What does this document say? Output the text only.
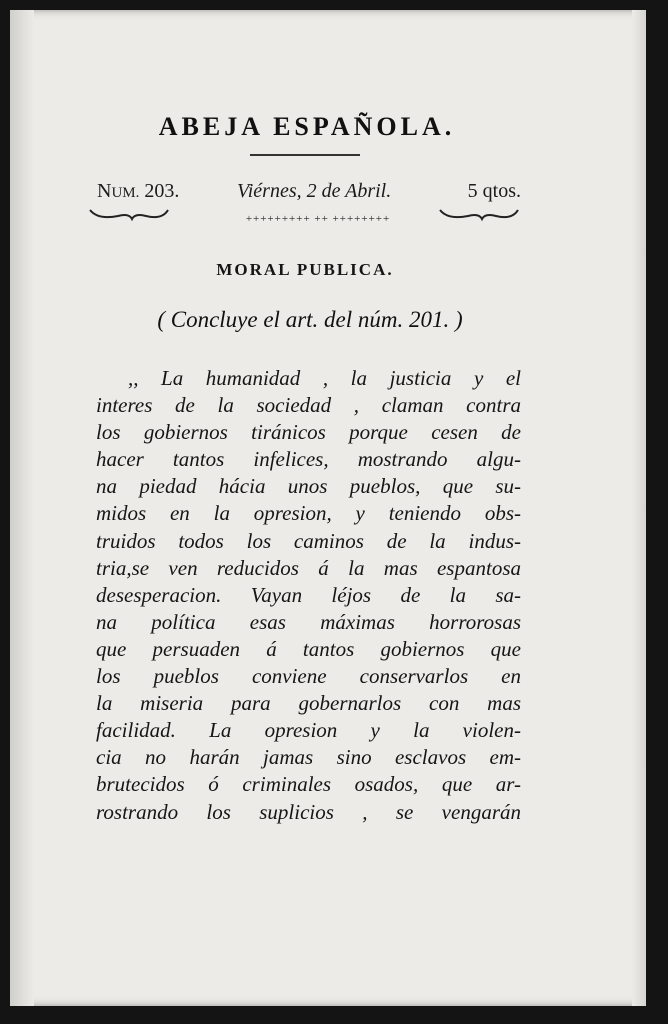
ABEJA ESPAÑOLA.
NUM. 203.	Viérnes, 2 de Abril.	5 qtos.
+++++++++ ++ ++++++++
MORAL PUBLICA.
( Concluye el art. del núm. 201. )
,, La humanidad , la justicia y el
interes de la sociedad , claman contra
los gobiernos tiránicos porque cesen de
hacer tantos infelices, mostrando algu-
na piedad hácia unos pueblos, que su-
midos en la opresion, y teniendo obs-
truidos todos los caminos de la indus-
tria,se ven reducidos á la mas espantosa
desesperacion. Vayan léjos de la sa-
na política esas máximas horrorosas
que persuaden á tantos gobiernos que
los pueblos conviene conservarlos en
la miseria para gobernarlos con mas
facilidad. La opresion y la violen-
cia no harán jamas sino esclavos em-
brutecidos ó criminales osados, que ar-
rostrando los suplicios , se vengarán
